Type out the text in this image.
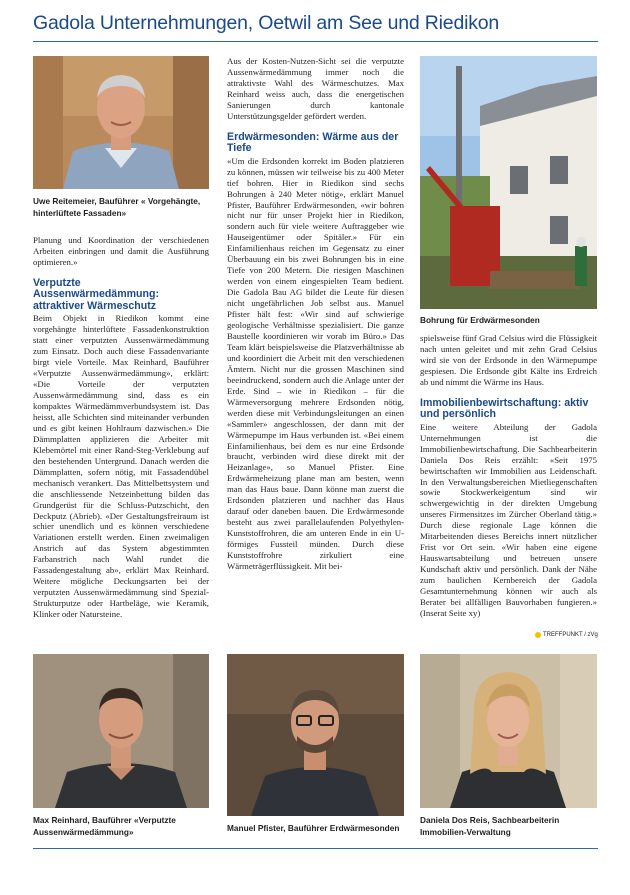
Gadola Unternehmungen, Oetwil am See und Riedikon
Uwe Reitemeier, Bauführer « Vorgehängte, hinterlüftete Fassaden»

Planung und Koordination der verschiedenen Arbeiten einbringen und damit die Ausführung optimieren.»

Verputzte Aussenwärmedämmung: attraktiver Wärmeschutz

Beim Objekt in Riedikon kommt eine vorgehängte hinterlüftete Fassadenkonstruktion statt einer verputzten Aussenwärmedämmung zum Einsatz. Doch auch diese Fassadenvariante birgt viele Vorteile. Max Reinhard, Bauführer «Verputzte Aussenwärmedämmung», erklärt: «Die Vorteile der verputzten Aussenwärmedämmung sind, dass es ein kompaktes Wärmedämmverbundsystem ist. Das heisst, alle Schichten sind miteinander verbunden und es gibt keinen Hohlraum dazwischen.» Die Dämmplatten applizieren die Arbeiter mit Klebemörtel mit einer Rand-Steg-Verklebung auf den bestehenden Untergrund. Danach werden die Dämmplatten, sofern nötig, mit Fassadendübel mechanisch verankert. Das Mittelbettsystem und die anschliessende Netzeinbettung bilden das Grundgerüst für die Schluss-Putzschicht, den Deckputz (Abrieb). «Der Gestaltungsfreiraum ist schier unendlich und es können verschiedene Variationen erstellt werden. Einen zweimaligen Anstrich auf das System abgestimmten Farbanstrich nach Wahl rundet die Fassadengestaltung ab», erklärt Max Reinhard. Weitere mögliche Deckungsarten bei der verputzten Aussenwärmedämmung sind Spezial-Strukturputze oder Hartbeläge, wie Keramik, Klinker oder Natursteine.

Aus der Kosten-Nutzen-Sicht sei die verputzte Aussenwärmedämmung immer noch die attraktivste Wahl des Wärmeschutzes. Max Reinhard weiss auch, dass die energetischen Sanierungen durch kantonale Unterstützungsgelder gefördert werden.

Erdwärmesonden: Wärme aus der Tiefe

«Um die Erdsonden korrekt im Boden platzieren zu können, müssen wir teilweise bis zu 400 Meter tief bohren. Hier in Riedikon sind sechs Bohrungen à 240 Meter nötig», erklärt Manuel Pfister, Bauführer Erdwärmesonden, «wir bohren nicht nur für unser Projekt hier in Riedikon, sondern auch für viele weitere Auftraggeber wie Hauseigentümer oder Spitäler.» Für ein Einfamilienhaus reichen im Gegensatz zu einer Überbauung ein bis zwei Bohrungen bis in eine Tiefe von 200 Metern. Die riesigen Maschinen werden von einem eingespielten Team bedient. Die Gadola Bau AG bildet die Leute für diesen nicht ungefährlichen Job selbst aus. Manuel Pfister hält fest: «Wir sind auf schwierige geologische Verhältnisse spezialisiert. Die ganze Baustelle koordinieren wir vorab im Büro.» Das Team klärt beispielsweise die Platzverhältnisse ab und koordiniert die Arbeit mit den verschiedenen Ämtern. Nicht nur die grossen Maschinen sind beeindruckend, sondern auch die Anlage unter der Erde. Sind – wie in Riedikon – für die Wärmeversorgung mehrere Erdsonden nötig, werden diese mit Verbindungsleitungen an einen «Sammler» angeschlossen, der dann mit der Wärmepumpe im Haus verbunden ist. «Bei einem Einfamilienhaus, bei dem es nur eine Erdsonde braucht, verbinden wird diese direkt mit der Heizanlage», so Manuel Pfister. Eine Erdwärmeheizung plane man am besten, wenn man das Haus baue. Dann könne man zuerst die Erdsonden platzieren und nachher das Haus darauf oder daneben bauen. Die Erdwärmesonde besteht aus zwei parallelaufenden Polyethylen-Kunststoffrohren, die am unteren Ende in ein U-förmiges Fussteil münden. Durch diese Kunststoffrohre zirkuliert eine Wärmeträgerflüssigkeit. Mit bei-

Bohrung für Erdwärmesonden

spielsweise fünf Grad Celsius wird die Flüssigkeit nach unten geleitet und mit zehn Grad Celsius wird sie von der Erdsonde in den Wärmepumpe gespiesen. Die Erdsonde gibt Kälte ins Erdreich ab und nimmt die Wärme ins Haus.

Immobilienbewirtschaftung: aktiv und persönlich

Eine weitere Abteilung der Gadola Unternehmungen ist die Immobilienbewirtschaftung. Die Sachbearbeiterin Daniela Dos Reis erzählt: «Seit 1975 bewirtschaften wir Immobilien aus Leidenschaft. In den Verwaltungsbereichen Mietliegenschaften sowie Stockwerkeigentum sind wir schwergewichtig in der direkten Umgebung unseres Firmensitzes im Zürcher Oberland tätig.» Durch diese regionale Lage können die Mitarbeitenden dieses Bereichs innert nützlicher Frist vor Ort sein. «Wir haben eine eigene Hauswartsabteilung und betreuen unsere Kundschaft aktiv und persönlich. Dank der Nähe zum baulichen Kernbereich der Gadola Gesamtunternehmung können wir auch als Berater bei allfälligen Bauvorhaben fungieren.» (Inserat Seite xy)

TREFFPUNKT / zVg
Max Reinhard, Bauführer «Verputzte Aussenwärmedämmung»	Manuel Pfister, Bauführer Erdwärmesonden
Daniela Dos Reis, Sachbearbeiterin Immobilien-Verwaltung
